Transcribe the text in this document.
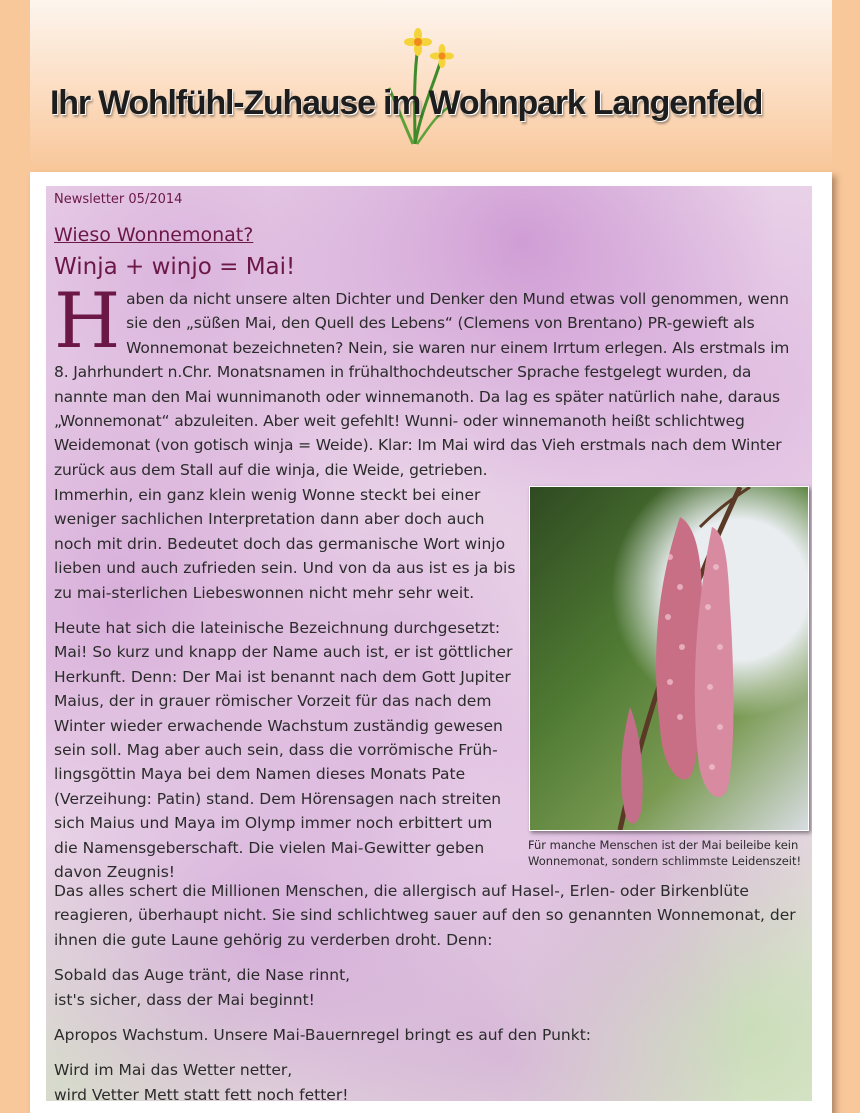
Ihr Wohlfühl-Zuhause im Wohnpark Langenfeld
Newsletter 05/2014
Wieso Wonnemonat?
Winja + winjo = Mai!

H aben da nicht unsere alten Dichter und Denker den Mund etwas voll genommen, wenn sie den „süßen Mai, den Quell des Lebens“ (Clemens von Brentano) PR-gewieft als Wonnemonat bezeichneten? Nein, sie waren nur einem Irrtum erlegen. Als erstmals im 8. Jahrhundert n.Chr. Monatsnamen in frühalthochdeutscher Sprache festgelegt wurden, da nannte man den Mai wunnimanoth oder winnemanoth. Da lag es später natürlich nahe, daraus „Wonnemonat“ abzuleiten. Aber weit gefehlt! Wunni- oder winnemanoth heißt schlichtweg Weidemonat (von gotisch winja = Weide). Klar: Im Mai wird das Vieh erstmals nach dem Winter zurück aus dem Stall auf die winja, die Weide, getrieben.

Immerhin, ein ganz klein wenig Wonne steckt bei einer weniger sachlichen Interpretation dann aber doch auch noch mit drin. Bedeutet doch das germanische Wort winjo lieben und auch zufrieden sein. Und von da aus ist es ja bis zu mai-sterlichen Liebeswonnen nicht mehr sehr weit.

Heute hat sich die lateinische Bezeichnung durchgesetzt: Mai! So kurz und knapp der Name auch ist, er ist göttlicher Herkunft. Denn: Der Mai ist benannt nach dem Gott Jupiter Maius, der in grauer römischer Vorzeit für das nach dem Winter wieder erwachende Wachstum zuständig gewesen sein soll. Mag aber auch sein, dass die vorrömische Früh- lingsgöttin Maya bei dem Namen dieses Monats Pate (Verzeihung: Patin) stand. Dem Hörensagen nach streiten sich Maius und Maya im Olymp immer noch erbittert um die Namensgeberschaft. Die vielen Mai-Gewitter geben davon Zeugnis!

Für manche Menschen ist der Mai beileibe kein Wonnemonat, sondern schlimmste Leidenszeit!

Das alles schert die Millionen Menschen, die allergisch auf Hasel-, Erlen- oder Birkenblüte reagieren, überhaupt nicht. Sie sind schlichtweg sauer auf den so genannten Wonnemonat, der ihnen die gute Laune gehörig zu verderben droht. Denn:

Sobald das Auge tränt, die Nase rinnt,
ist's sicher, dass der Mai beginnt!

Apropos Wachstum. Unsere Mai-Bauernregel bringt es auf den Punkt:

Wird im Mai das Wetter netter,
wird Vetter Mett statt fett noch fetter!
